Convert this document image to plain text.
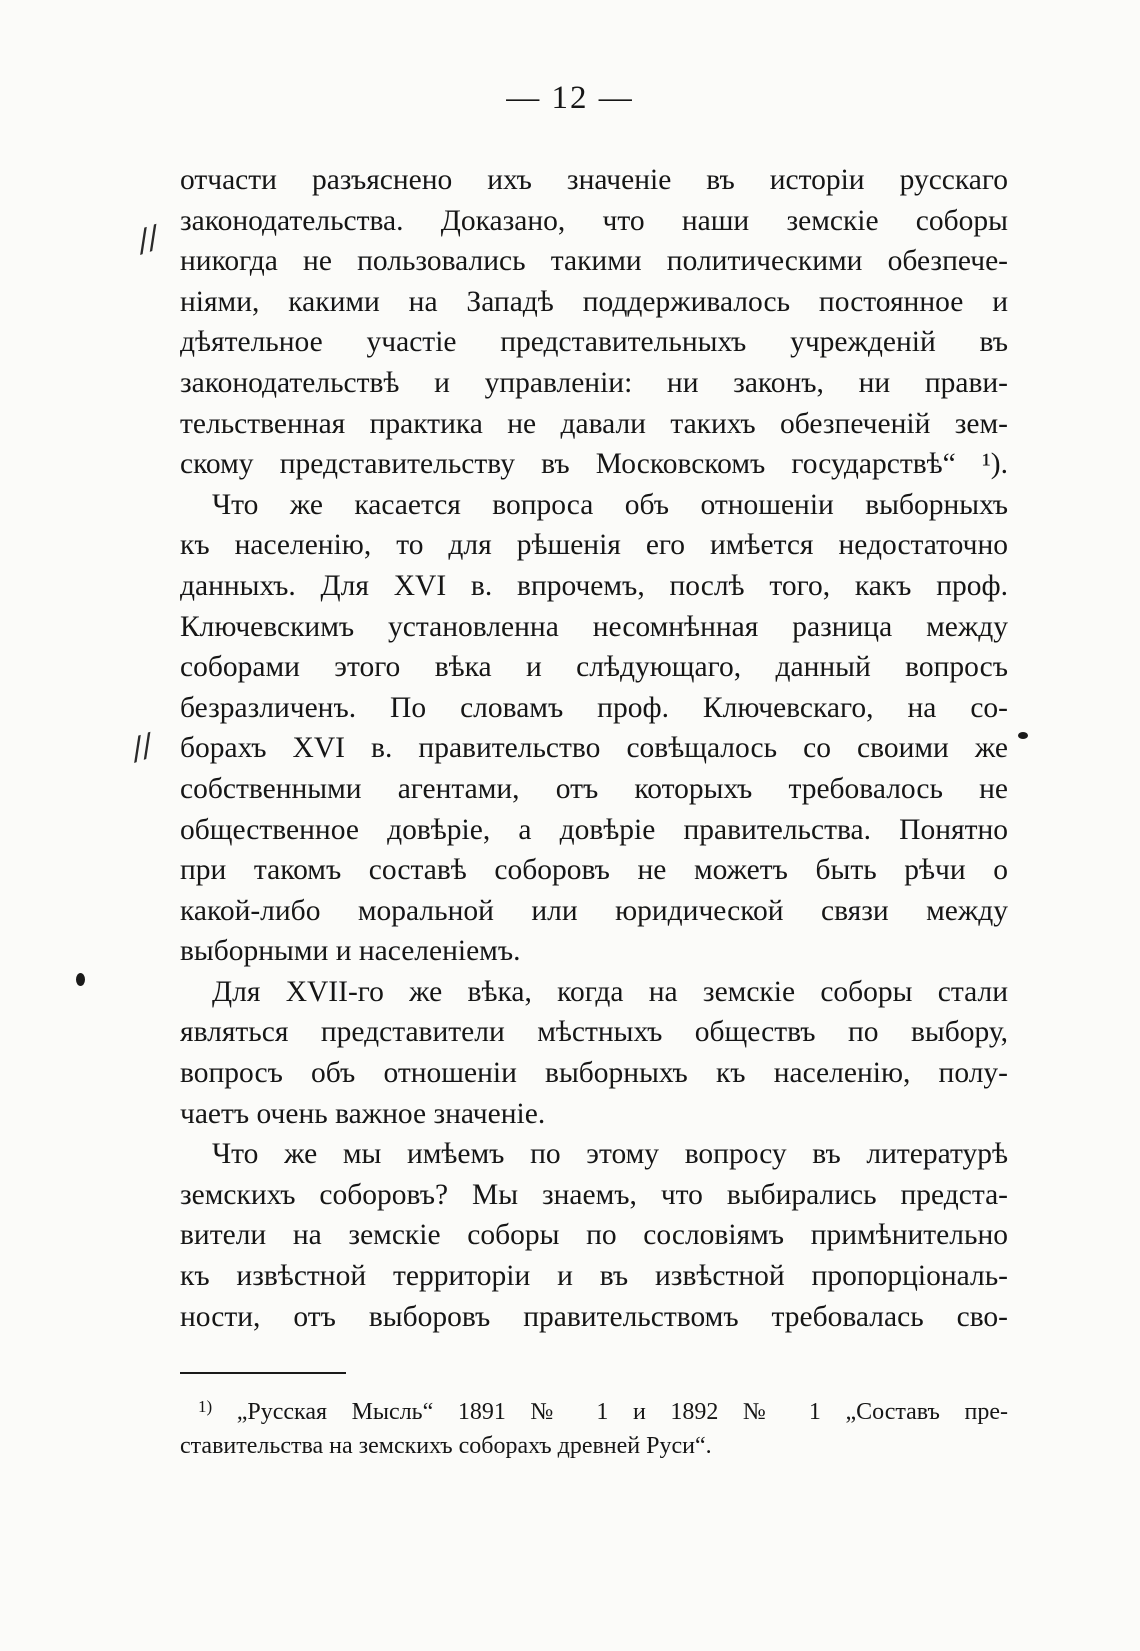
— 12 —
//
//
отчасти разъяснено ихъ значеніе въ исторіи русскаго
законодательства. Доказано, что наши земскіе соборы
никогда не пользовались такими политическими обезпече-
ніями, какими на Западѣ поддерживалось постоянное и
дѣятельное участіе представительныхъ учрежденій въ
законодательствѣ и управленіи: ни законъ, ни прави-
тельственная практика не давали такихъ обезпеченій зем-
скому представительству въ Московскомъ государствѣ“ ¹).
Что же касается вопроса объ отношеніи выборныхъ
къ населенію, то для рѣшенія его имѣется недостаточно
данныхъ. Для XVI в. впрочемъ, послѣ того, какъ проф.
Ключевскимъ установленна несомнѣнная разница между
соборами этого вѣка и слѣдующаго, данный вопросъ
безразличенъ. По словамъ проф. Ключевскаго, на со-
борахъ XVI в. правительство совѣщалось со своими же
собственными агентами, отъ которыхъ требовалось не
общественное довѣріе, а довѣріе правительства. Понятно
при такомъ составѣ соборовъ не можетъ быть рѣчи о
какой-либо моральной или юридической связи между
выборными и населеніемъ.
Для XVII-го же вѣка, когда на земскіе соборы стали
являться представители мѣстныхъ обществъ по выбору,
вопросъ объ отношеніи выборныхъ къ населенію, полу-
чаетъ очень важное значеніе.
Что же мы имѣемъ по этому вопросу въ литературѣ
земскихъ соборовъ? Мы знаемъ, что выбирались предста-
вители на земскіе соборы по сословіямъ примѣнительно
къ извѣстной территоріи и въ извѣстной пропорціональ-
ности, отъ выборовъ правительствомъ требовалась сво-
$^{1)}$ „Русская Мысль“ 1891 № 1 и 1892 № 1 „Составъ пре-
ставительства на земскихъ соборахъ древней Руси“.
